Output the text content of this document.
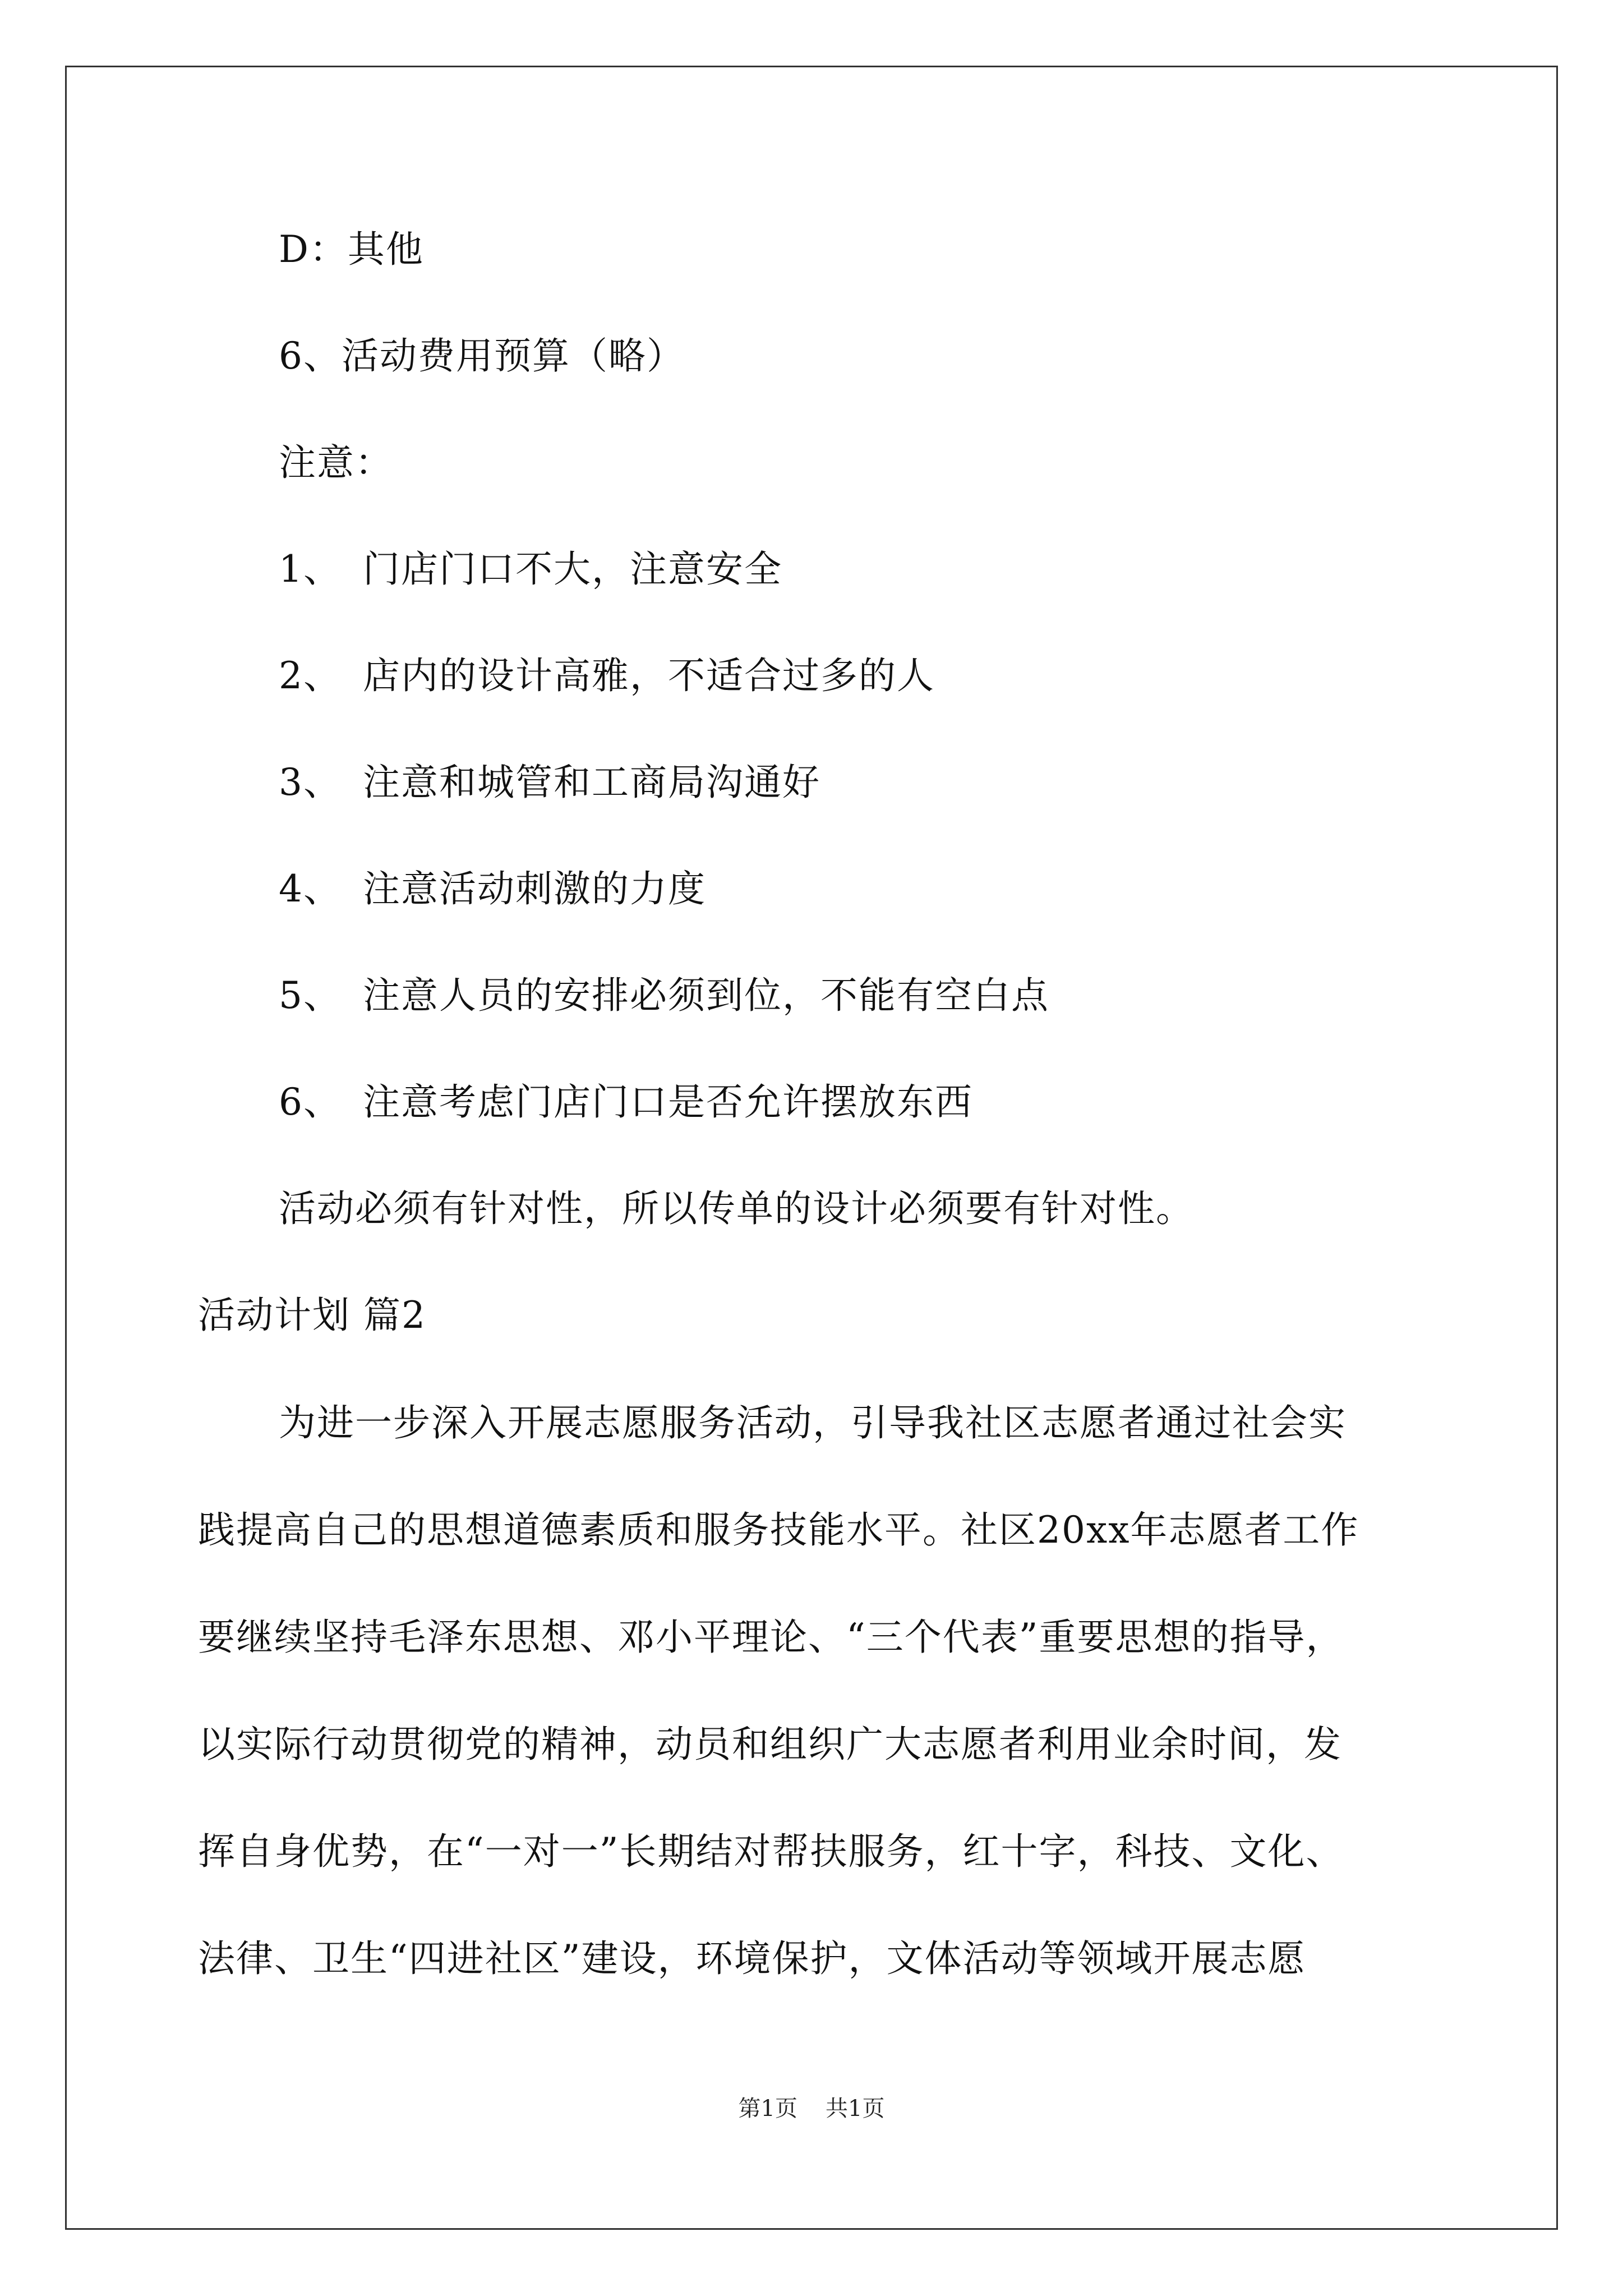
D：其他
6、活动费用预算（略）
注意：
1、 门店门口不大，注意安全
2、 店内的设计高雅，不适合过多的人
3、 注意和城管和工商局沟通好
4、 注意活动刺激的力度
5、 注意人员的安排必须到位，不能有空白点
6、 注意考虑门店门口是否允许摆放东西
活动必须有针对性，所以传单的设计必须要有针对性。
活动计划 篇2
为进一步深入开展志愿服务活动，引导我社区志愿者通过社会实
践提高自己的思想道德素质和服务技能水平。社区20xx年志愿者工作
要继续坚持毛泽东思想、邓小平理论、“三个代表”重要思想的指导，
以实际行动贯彻党的精神，动员和组织广大志愿者利用业余时间，发
挥自身优势，在“一对一”长期结对帮扶服务，红十字，科技、文化、
法律、卫生“四进社区”建设，环境保护，文体活动等领域开展志愿
第1页 共1页
